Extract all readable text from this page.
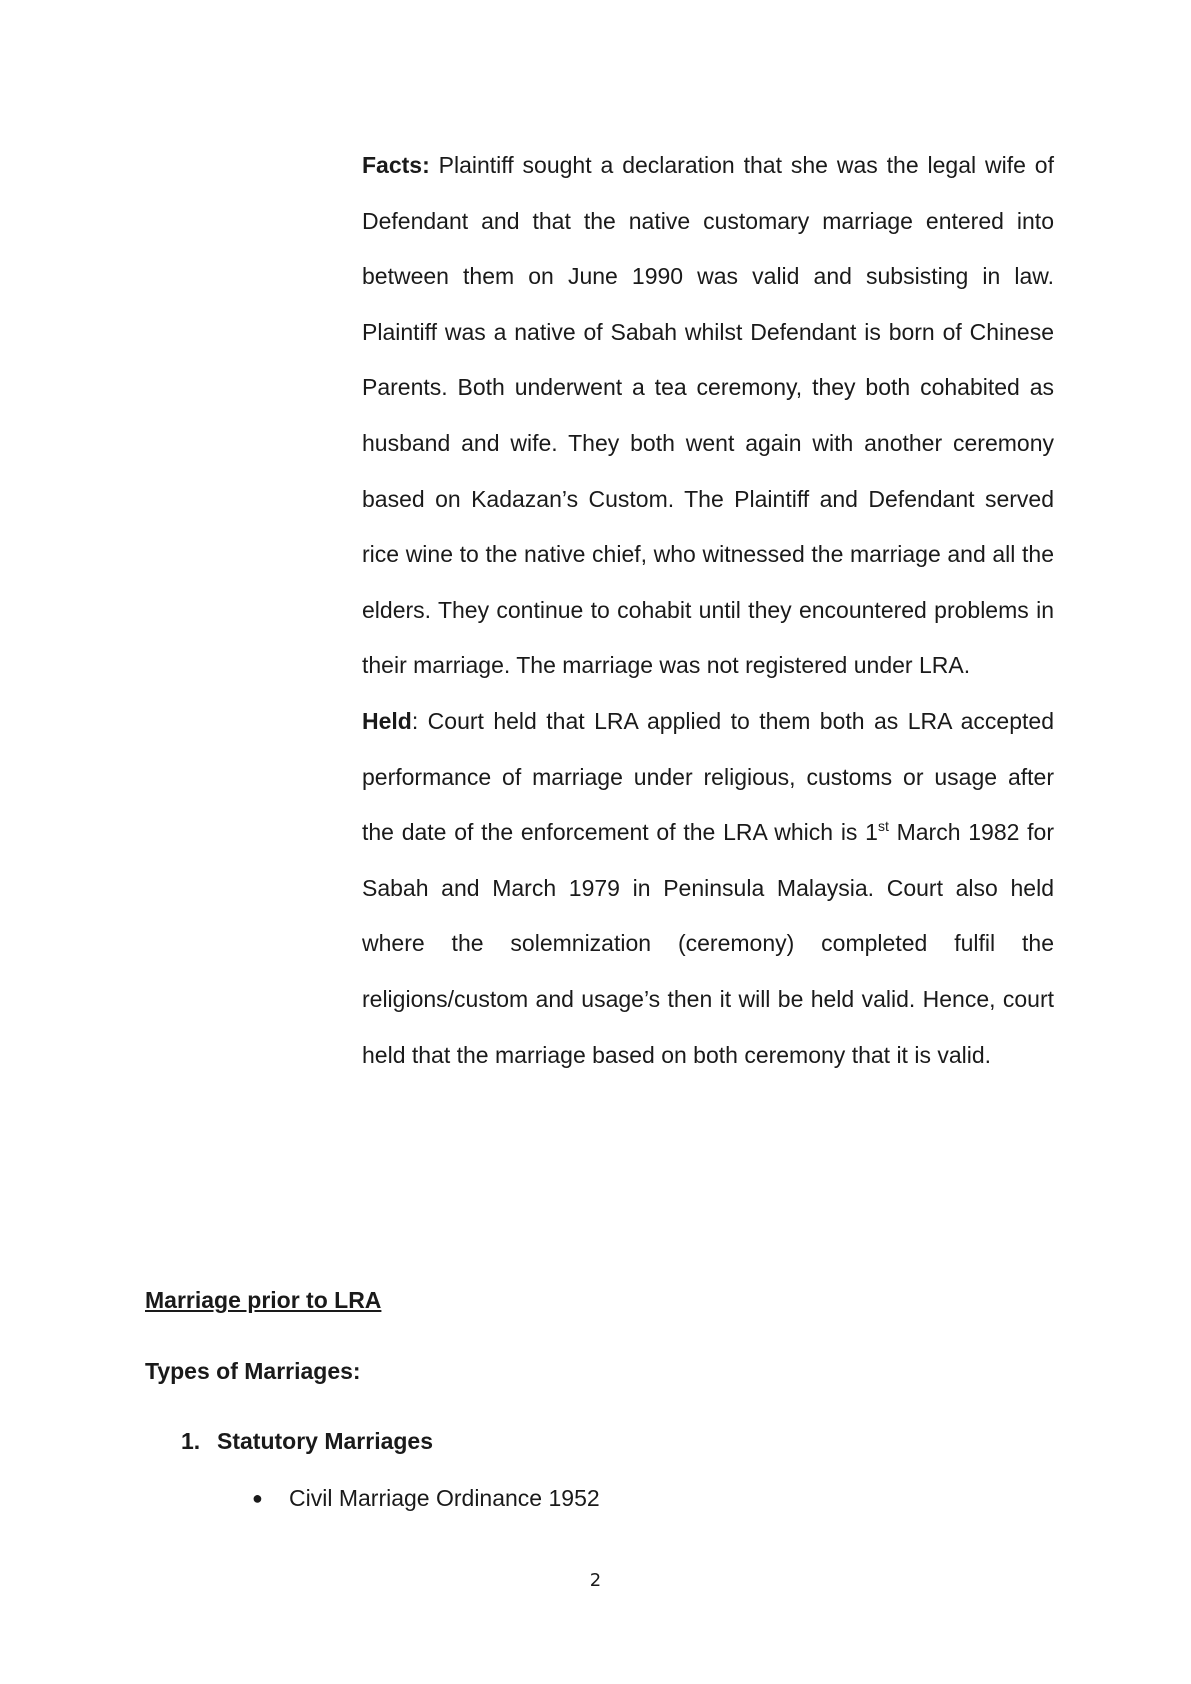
Facts: Plaintiff sought a declaration that she was the legal wife of Defendant and that the native customary marriage entered into between them on June 1990 was valid and subsisting in law. Plaintiff was a native of Sabah whilst Defendant is born of Chinese Parents. Both underwent a tea ceremony, they both cohabited as husband and wife. They both went again with another ceremony based on Kadazan’s Custom. The Plaintiff and Defendant served rice wine to the native chief, who witnessed the marriage and all the elders. They continue to cohabit until they encountered problems in their marriage. The marriage was not registered under LRA.

Held: Court held that LRA applied to them both as LRA accepted performance of marriage under religious, customs or usage after the date of the enforcement of the LRA which is 1st March 1982 for Sabah and March 1979 in Peninsula Malaysia. Court also held where the solemnization (ceremony) completed fulfil the religions/custom and usage’s then it will be held valid. Hence, court held that the marriage based on both ceremony that it is valid.

Marriage prior to LRA

Types of Marriages:

1. Statutory Marriages

● Civil Marriage Ordinance 1952

2
